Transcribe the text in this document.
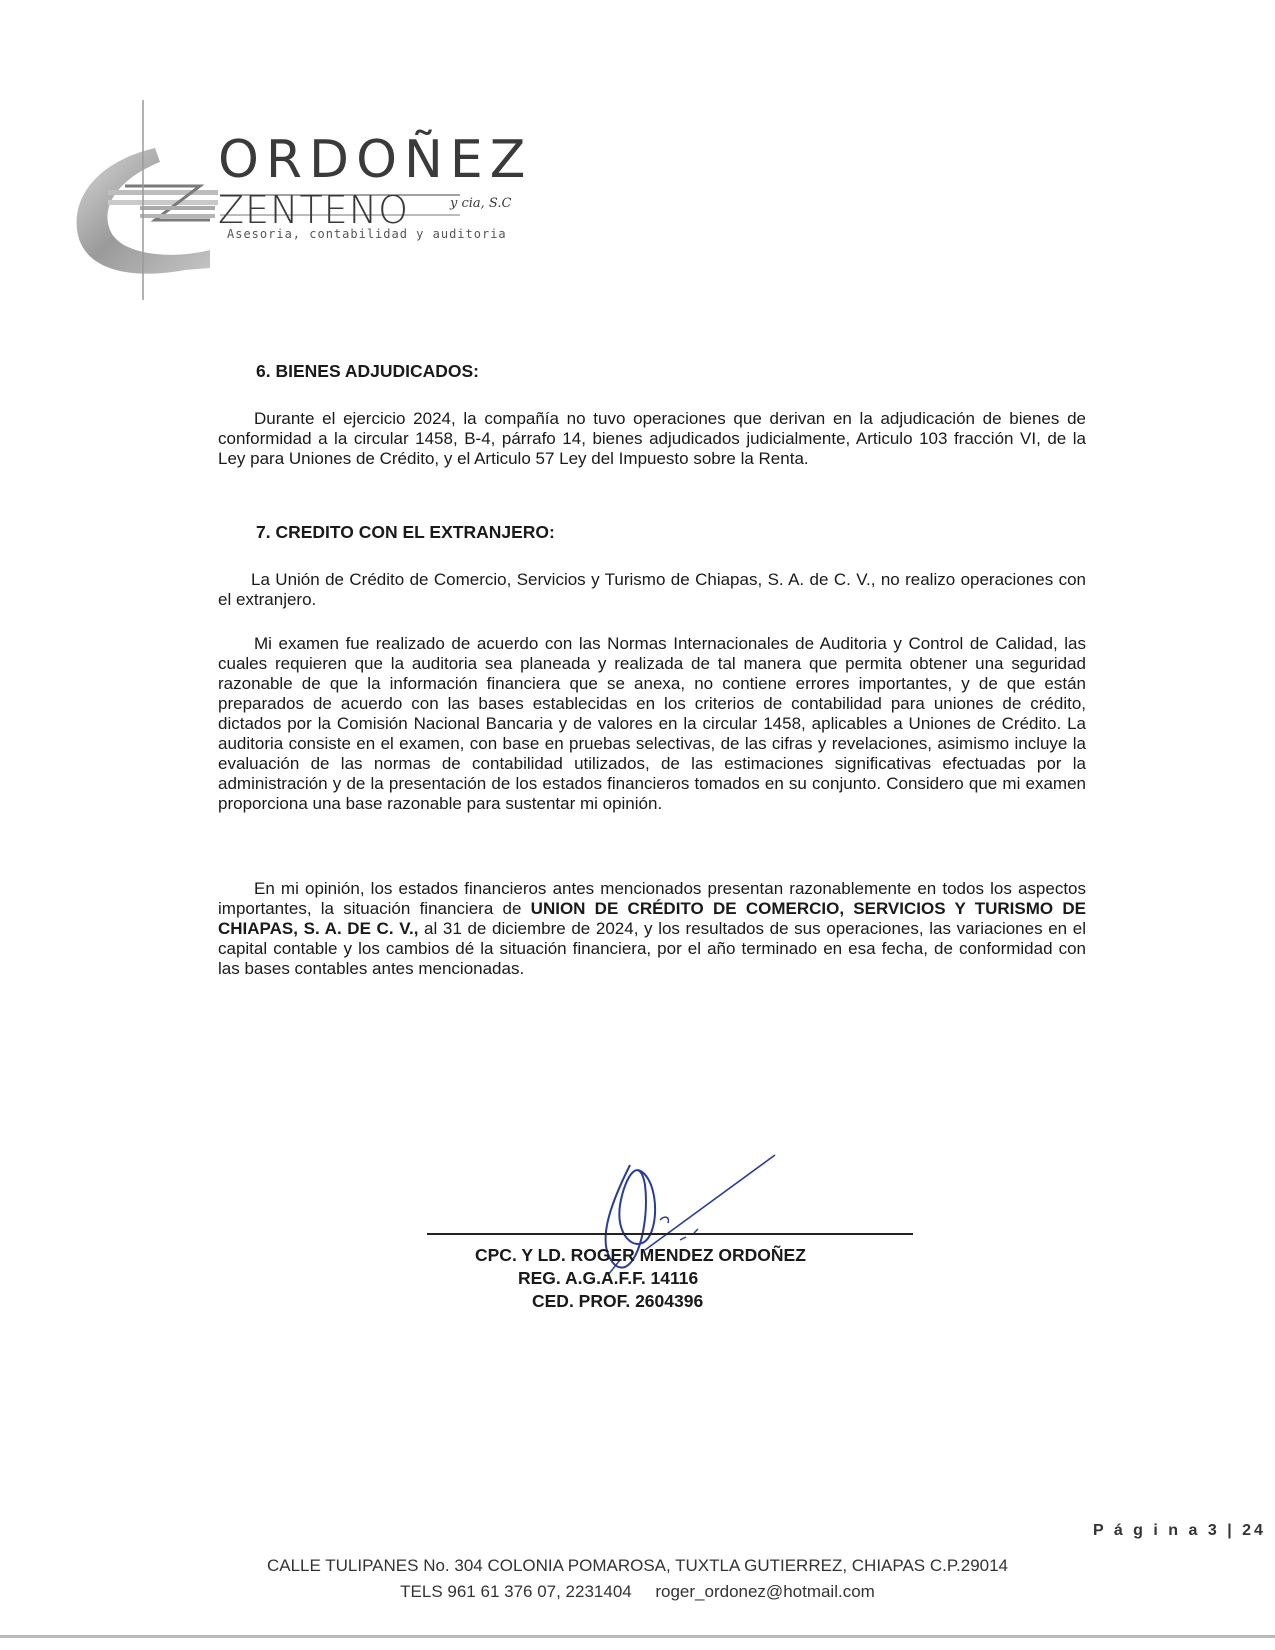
ORDOÑEZ
ZENTENO	y cia, S.C
Asesoria, contabilidad y auditoria
6. BIENES ADJUDICADOS:

Durante el ejercicio 2024, la compañía no tuvo operaciones que derivan en la adjudicación de bienes de conformidad a la circular 1458, B-4, párrafo 14, bienes adjudicados judicialmente, Articulo 103 fracción VI, de la Ley para Uniones de Crédito, y el Articulo 57 Ley del Impuesto sobre la Renta.

7. CREDITO CON EL EXTRANJERO:

La Unión de Crédito de Comercio, Servicios y Turismo de Chiapas, S. A. de C. V., no realizo operaciones con el extranjero.

Mi examen fue realizado de acuerdo con las Normas Internacionales de Auditoria y Control de Calidad, las cuales requieren que la auditoria sea planeada y realizada de tal manera que permita obtener una seguridad razonable de que la información financiera que se anexa, no contiene errores importantes, y de que están preparados de acuerdo con las bases establecidas en los criterios de contabilidad para uniones de crédito, dictados por la Comisión Nacional Bancaria y de valores en la circular 1458, aplicables a Uniones de Crédito. La auditoria consiste en el examen, con base en pruebas selectivas, de las cifras y revelaciones, asimismo incluye la evaluación de las normas de contabilidad utilizados, de las estimaciones significativas efectuadas por la administración y de la presentación de los estados financieros tomados en su conjunto. Considero que mi examen proporciona una base razonable para sustentar mi opinión.

En mi opinión, los estados financieros antes mencionados presentan razonablemente en todos los aspectos importantes, la situación financiera de UNION DE CRÉDITO DE COMERCIO, SERVICIOS Y TURISMO DE CHIAPAS, S. A. DE C. V., al 31 de diciembre de 2024, y los resultados de sus operaciones, las variaciones en el capital contable y los cambios dé la situación financiera, por el año terminado en esa fecha, de conformidad con las bases contables antes mencionadas.

CPC. Y LD. ROGER MENDEZ ORDOÑEZ
REG. A.G.A.F.F. 14116
CED. PROF. 2604396
P á g i n a 3 | 24
CALLE TULIPANES No. 304 COLONIA POMAROSA, TUXTLA GUTIERREZ, CHIAPAS C.P.29014
TELS 961 61 376 07, 2231404     roger_ordonez@hotmail.com
